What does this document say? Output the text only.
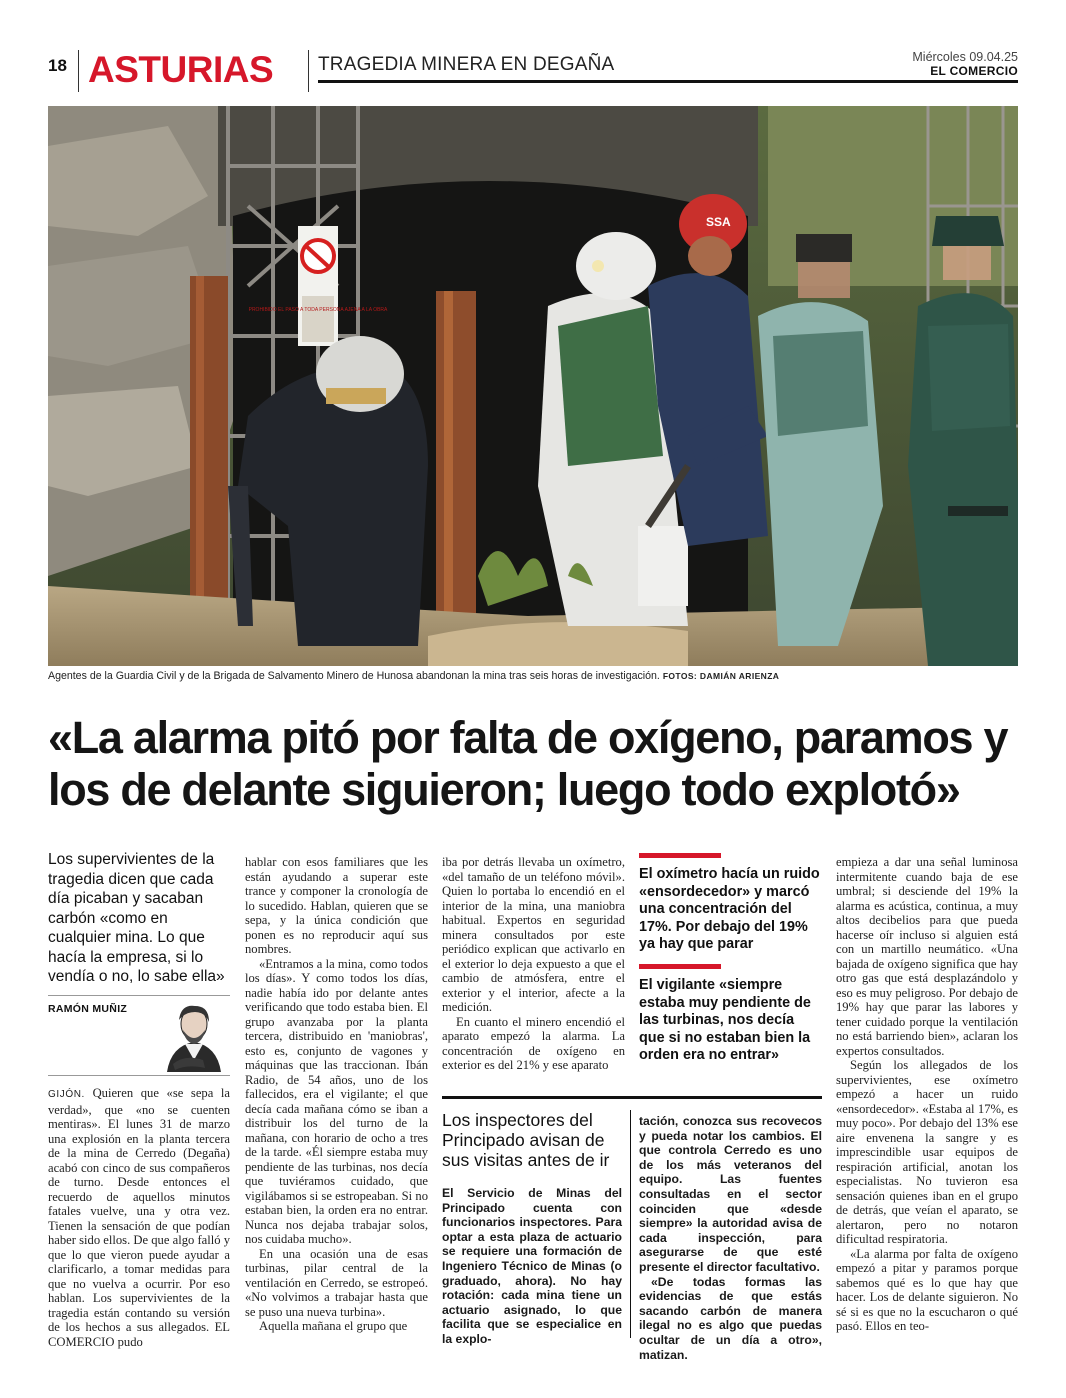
18 ASTURIAS TRAGEDIA MINERA EN DEGAÑA	Miércoles 09.04.25
EL COMERCIO
PROHIBIDO EL PASO A TODA PERSONA AJENA A LA OBRA
SSA
Agentes de la Guardia Civil y de la Brigada de Salvamento Minero de Hunosa abandonan la mina tras seis horas de investigación. FOTOS: DAMIÁN ARIENZA
«La alarma pitó por falta de oxígeno, paramos y los de delante siguieron; luego todo explotó»
Los supervivientes de la tragedia dicen que cada día picaban y sacaban carbón «como en cualquier mina. Lo que hacía la empresa, si lo vendía o no, lo sabe ella»
RAMÓN MUÑIZ

GIJÓN. Quieren que «se sepa la verdad», que «no se cuenten mentiras». El lunes 31 de marzo una explosión en la planta tercera de la mina de Cerredo (Degaña) acabó con cinco de sus compañeros de turno. Desde entonces el recuerdo de aquellos minutos fatales vuelve, una y otra vez. Tienen la sensación de que podían haber sido ellos. De que algo falló y que lo que vieron puede ayudar a clarificarlo, a tomar medidas para que no vuelva a ocurrir. Por eso hablan. Los supervivientes de la tragedia están contando su versión de los hechos a sus allegados. EL COMERCIO pudo

hablar con esos familiares que les están ayudando a superar este trance y componer la cronología de lo sucedido. Hablan, quieren que se sepa, y la única condición que ponen es no reproducir aquí sus nombres.

«Entramos a la mina, como todos los días». Y como todos los días, nadie había ido por delante antes verificando que todo estaba bien. El grupo avanzaba por la planta tercera, distribuido en 'maniobras', esto es, conjunto de vagones y máquinas que las traccionan. Ibán Radio, de 54 años, uno de los fallecidos, era el vigilante; el que decía cada mañana cómo se iban a distribuir los del turno de la mañana, con horario de ocho a tres de la tarde. «Él siempre estaba muy pendiente de las turbinas, nos decía que tuviéramos cuidado, que vigilábamos si se estropeaban. Si no estaban bien, la orden era no entrar. Nunca nos dejaba trabajar solos, nos cuidaba mucho».

En una ocasión una de esas turbinas, pilar central de la ventilación en Cerredo, se estropeó. «No volvimos a trabajar hasta que se puso una nueva turbina».

Aquella mañana el grupo que

iba por detrás llevaba un oxímetro, «del tamaño de un teléfono móvil». Quien lo portaba lo encendió en el interior de la mina, una maniobra habitual. Expertos en seguridad minera consultados por este periódico explican que activarlo en el exterior lo deja expuesto a que el cambio de atmósfera, entre el exterior y el interior, afecte a la medición.

En cuanto el minero encendió el aparato empezó la alarma. La concentración de oxígeno en exterior es del 21% y ese aparato

El oxímetro hacía un ruido «ensordecedor» y marcó una concentración del 17%. Por debajo del 19% ya hay que parar
El vigilante «siempre estaba muy pendiente de las turbinas, nos decía que si no estaban bien la orden era no entrar»

empieza a dar una señal luminosa intermitente cuando baja de ese umbral; si desciende del 19% la alarma es acústica, continua, a muy altos decibelios para que pueda hacerse oír incluso si alguien está con un martillo neumático. «Una bajada de oxígeno significa que hay otro gas que está desplazándolo y eso es muy peligroso. Por debajo de 19% hay que parar las labores y tener cuidado porque la ventilación no está barriendo bien», aclaran los expertos consultados.

Según los allegados de los supervivientes, ese oxímetro empezó a hacer un ruido «ensordecedor». «Estaba al 17%, es muy poco». Por debajo del 13% ese aire envenena la sangre y es imprescindible usar equipos de respiración artificial, anotan los especialistas. No tuvieron esa sensación quienes iban en el grupo de detrás, que veían el aparato, se alertaron, pero no notaron dificultad respiratoria.

«La alarma por falta de oxígeno empezó a pitar y paramos porque sabemos qué es lo que hay que hacer. Los de delante siguieron. No sé si es que no la escucharon o qué pasó. Ellos en teo-

Los inspectores del Principado avisan de sus visitas antes de ir

El Servicio de Minas del Principado cuenta con funcionarios inspectores. Para optar a esta plaza de actuario se requiere una formación de Ingeniero Técnico de Minas (o graduado, ahora). No hay rotación: cada mina tiene un actuario asignado, lo que facilita que se especialice en la explo-

tación, conozca sus recovecos y pueda notar los cambios. El que controla Cerredo es uno de los más veteranos del equipo. Las fuentes consultadas en el sector coinciden que «desde siempre» la autoridad avisa de cada inspección, para asegurarse de que esté presente el director facultativo.

«De todas formas las evidencias de que estás sacando carbón de manera ilegal no es algo que puedas ocultar de un día a otro», matizan.
